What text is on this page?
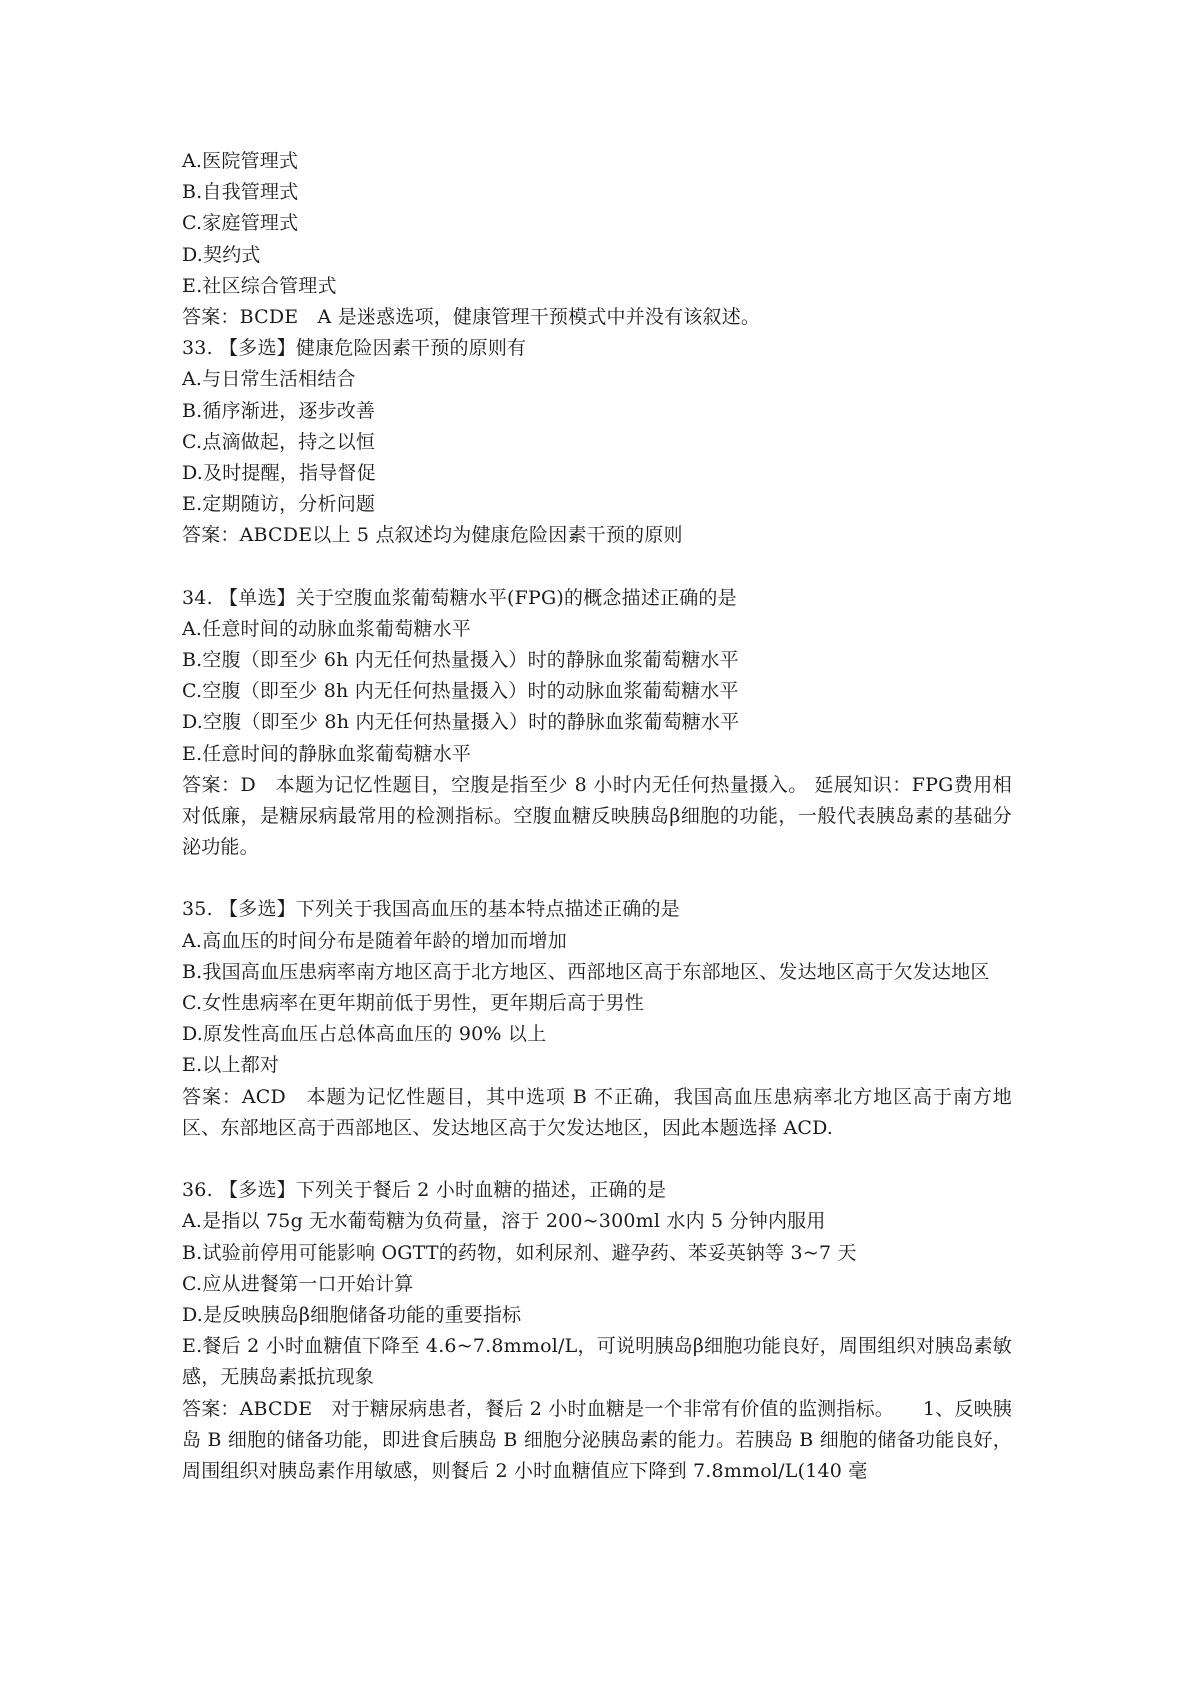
A.医院管理式
B.自我管理式
C.家庭管理式
D.契约式
E.社区综合管理式
答案：BCDE　A 是迷惑选项，健康管理干预模式中并没有该叙述。
33. 【多选】健康危险因素干预的原则有
A.与日常生活相结合
B.循序渐进，逐步改善
C.点滴做起，持之以恒
D.及时提醒，指导督促
E.定期随访，分析问题
答案：ABCDE以上 5 点叙述均为健康危险因素干预的原则
34. 【单选】关于空腹血浆葡萄糖水平(FPG)的概念描述正确的是
A.任意时间的动脉血浆葡萄糖水平
B.空腹（即至少 6h 内无任何热量摄入）时的静脉血浆葡萄糖水平
C.空腹（即至少 8h 内无任何热量摄入）时的动脉血浆葡萄糖水平
D.空腹（即至少 8h 内无任何热量摄入）时的静脉血浆葡萄糖水平
E.任意时间的静脉血浆葡萄糖水平
答案：D　本题为记忆性题目，空腹是指至少 8 小时内无任何热量摄入。 延展知识：FPG费用相对低廉，是糖尿病最常用的检测指标。空腹血糖反映胰岛β细胞的功能，一般代表胰岛素的基础分泌功能。
35. 【多选】下列关于我国高血压的基本特点描述正确的是
A.高血压的时间分布是随着年龄的增加而增加
B.我国高血压患病率南方地区高于北方地区、西部地区高于东部地区、发达地区高于欠发达地区
C.女性患病率在更年期前低于男性，更年期后高于男性
D.原发性高血压占总体高血压的 90% 以上
E.以上都对
答案：ACD　本题为记忆性题目，其中选项 B 不正确，我国高血压患病率北方地区高于南方地区、东部地区高于西部地区、发达地区高于欠发达地区，因此本题选择 ACD.
36. 【多选】下列关于餐后 2 小时血糖的描述，正确的是
A.是指以 75g 无水葡萄糖为负荷量，溶于 200~300ml 水内 5 分钟内服用
B.试验前停用可能影响 OGTT的药物，如利尿剂、避孕药、苯妥英钠等 3~7 天
C.应从进餐第一口开始计算
D.是反映胰岛β细胞储备功能的重要指标
E.餐后 2 小时血糖值下降至 4.6~7.8mmol/L，可说明胰岛β细胞功能良好，周围组织对胰岛素敏感，无胰岛素抵抗现象
答案：ABCDE　对于糖尿病患者，餐后 2 小时血糖是一个非常有价值的监测指标。　　1、反映胰岛 B 细胞的储备功能，即进食后胰岛 B 细胞分泌胰岛素的能力。若胰岛 B 细胞的储备功能良好，周围组织对胰岛素作用敏感，则餐后 2 小时血糖值应下降到 7.8mmol/L(140 毫
